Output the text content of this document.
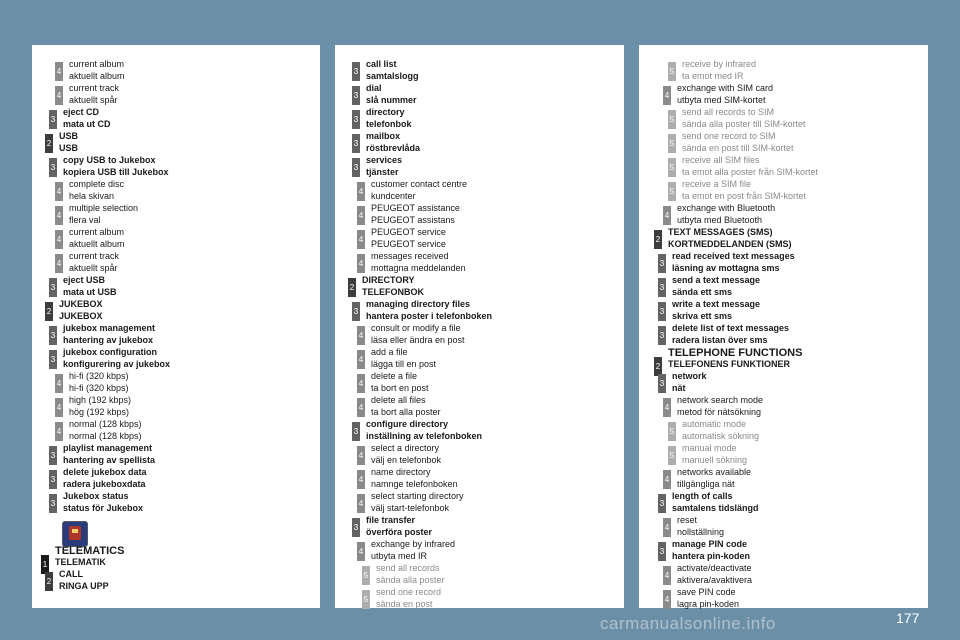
4
current album
aktuellt album
4
current track
aktuellt spår
3
eject CD
mata ut CD
2
USB
USB
3
copy USB to Jukebox
kopiera USB till Jukebox
4
complete disc
hela skivan
4
multiple selection
flera val
4
current album
aktuellt album
4
current track
aktuellt spår
3
eject USB
mata ut USB
2
JUKEBOX
JUKEBOX
3
jukebox management
hantering av jukebox
3
jukebox configuration
konfigurering av jukebox
4
hi-fi (320 kbps)
hi-fi (320 kbps)
4
high (192 kbps)
hög (192 kbps)
4
normal (128 kbps)
normal (128 kbps)
3
playlist management
hantering av spellista
3
delete jukebox data
radera jukeboxdata
3
Jukebox status
status för Jukebox
1
TELEMATICS
TELEMATIK
2
CALL
RINGA UPP
3
call list
samtalslogg
3
dial
slå nummer
3
directory
telefonbok
3
mailbox
röstbrevlåda
3
services
tjänster
4
customer contact centre
kundcenter
4
PEUGEOT assistance
PEUGEOT assistans
4
PEUGEOT service
PEUGEOT service
4
messages received
mottagna meddelanden
2
DIRECTORY
TELEFONBOK
3
managing directory files
hantera poster i telefonboken
4
consult or modify a file
läsa eller ändra en post
4
add a file
lägga till en post
4
delete a file
ta bort en post
4
delete all files
ta bort alla poster
3
configure directory
inställning av telefonboken
4
select a directory
välj en telefonbok
4
name directory
namnge telefonboken
4
select starting directory
välj start-telefonbok
3
file transfer
överföra poster
4
exchange by infrared
utbyta med IR
5
send all records
sända alla poster
5
send one record
sända en post
5
receive by infrared
ta emot med IR
4
exchange with SIM card
utbyta med SIM-kortet
5
send all records to SIM
sända alla poster till SIM-kortet
5
send one record to SIM
sända en post till SIM-kortet
5
receive all SIM files
ta emot alla poster från SIM-kortet
5
receive a SIM file
ta emot en post från SIM-kortet
4
exchange with Bluetooth
utbyta med Bluetooth
2
TEXT MESSAGES (SMS)
KORTMEDDELANDEN (SMS)
3
read received text messages
läsning av mottagna sms
3
send a text message
sända ett sms
3
write a text message
skriva ett sms
3
delete list of text messages
radera listan över sms
2
TELEPHONE FUNCTIONS
TELEFONENS FUNKTIONER
3
network
nät
4
network search mode
metod för nätsökning
5
automatic mode
automatisk sökning
5
manual mode
manuell sökning
4
networks available
tillgängliga nät
3
length of calls
samtalens tidslängd
4
reset
nollställning
3
manage PIN code
hantera pin-koden
4
activate/deactivate
aktivera/avaktivera
4
save PIN code
lagra pin-koden
carmanualsonline.info	177
